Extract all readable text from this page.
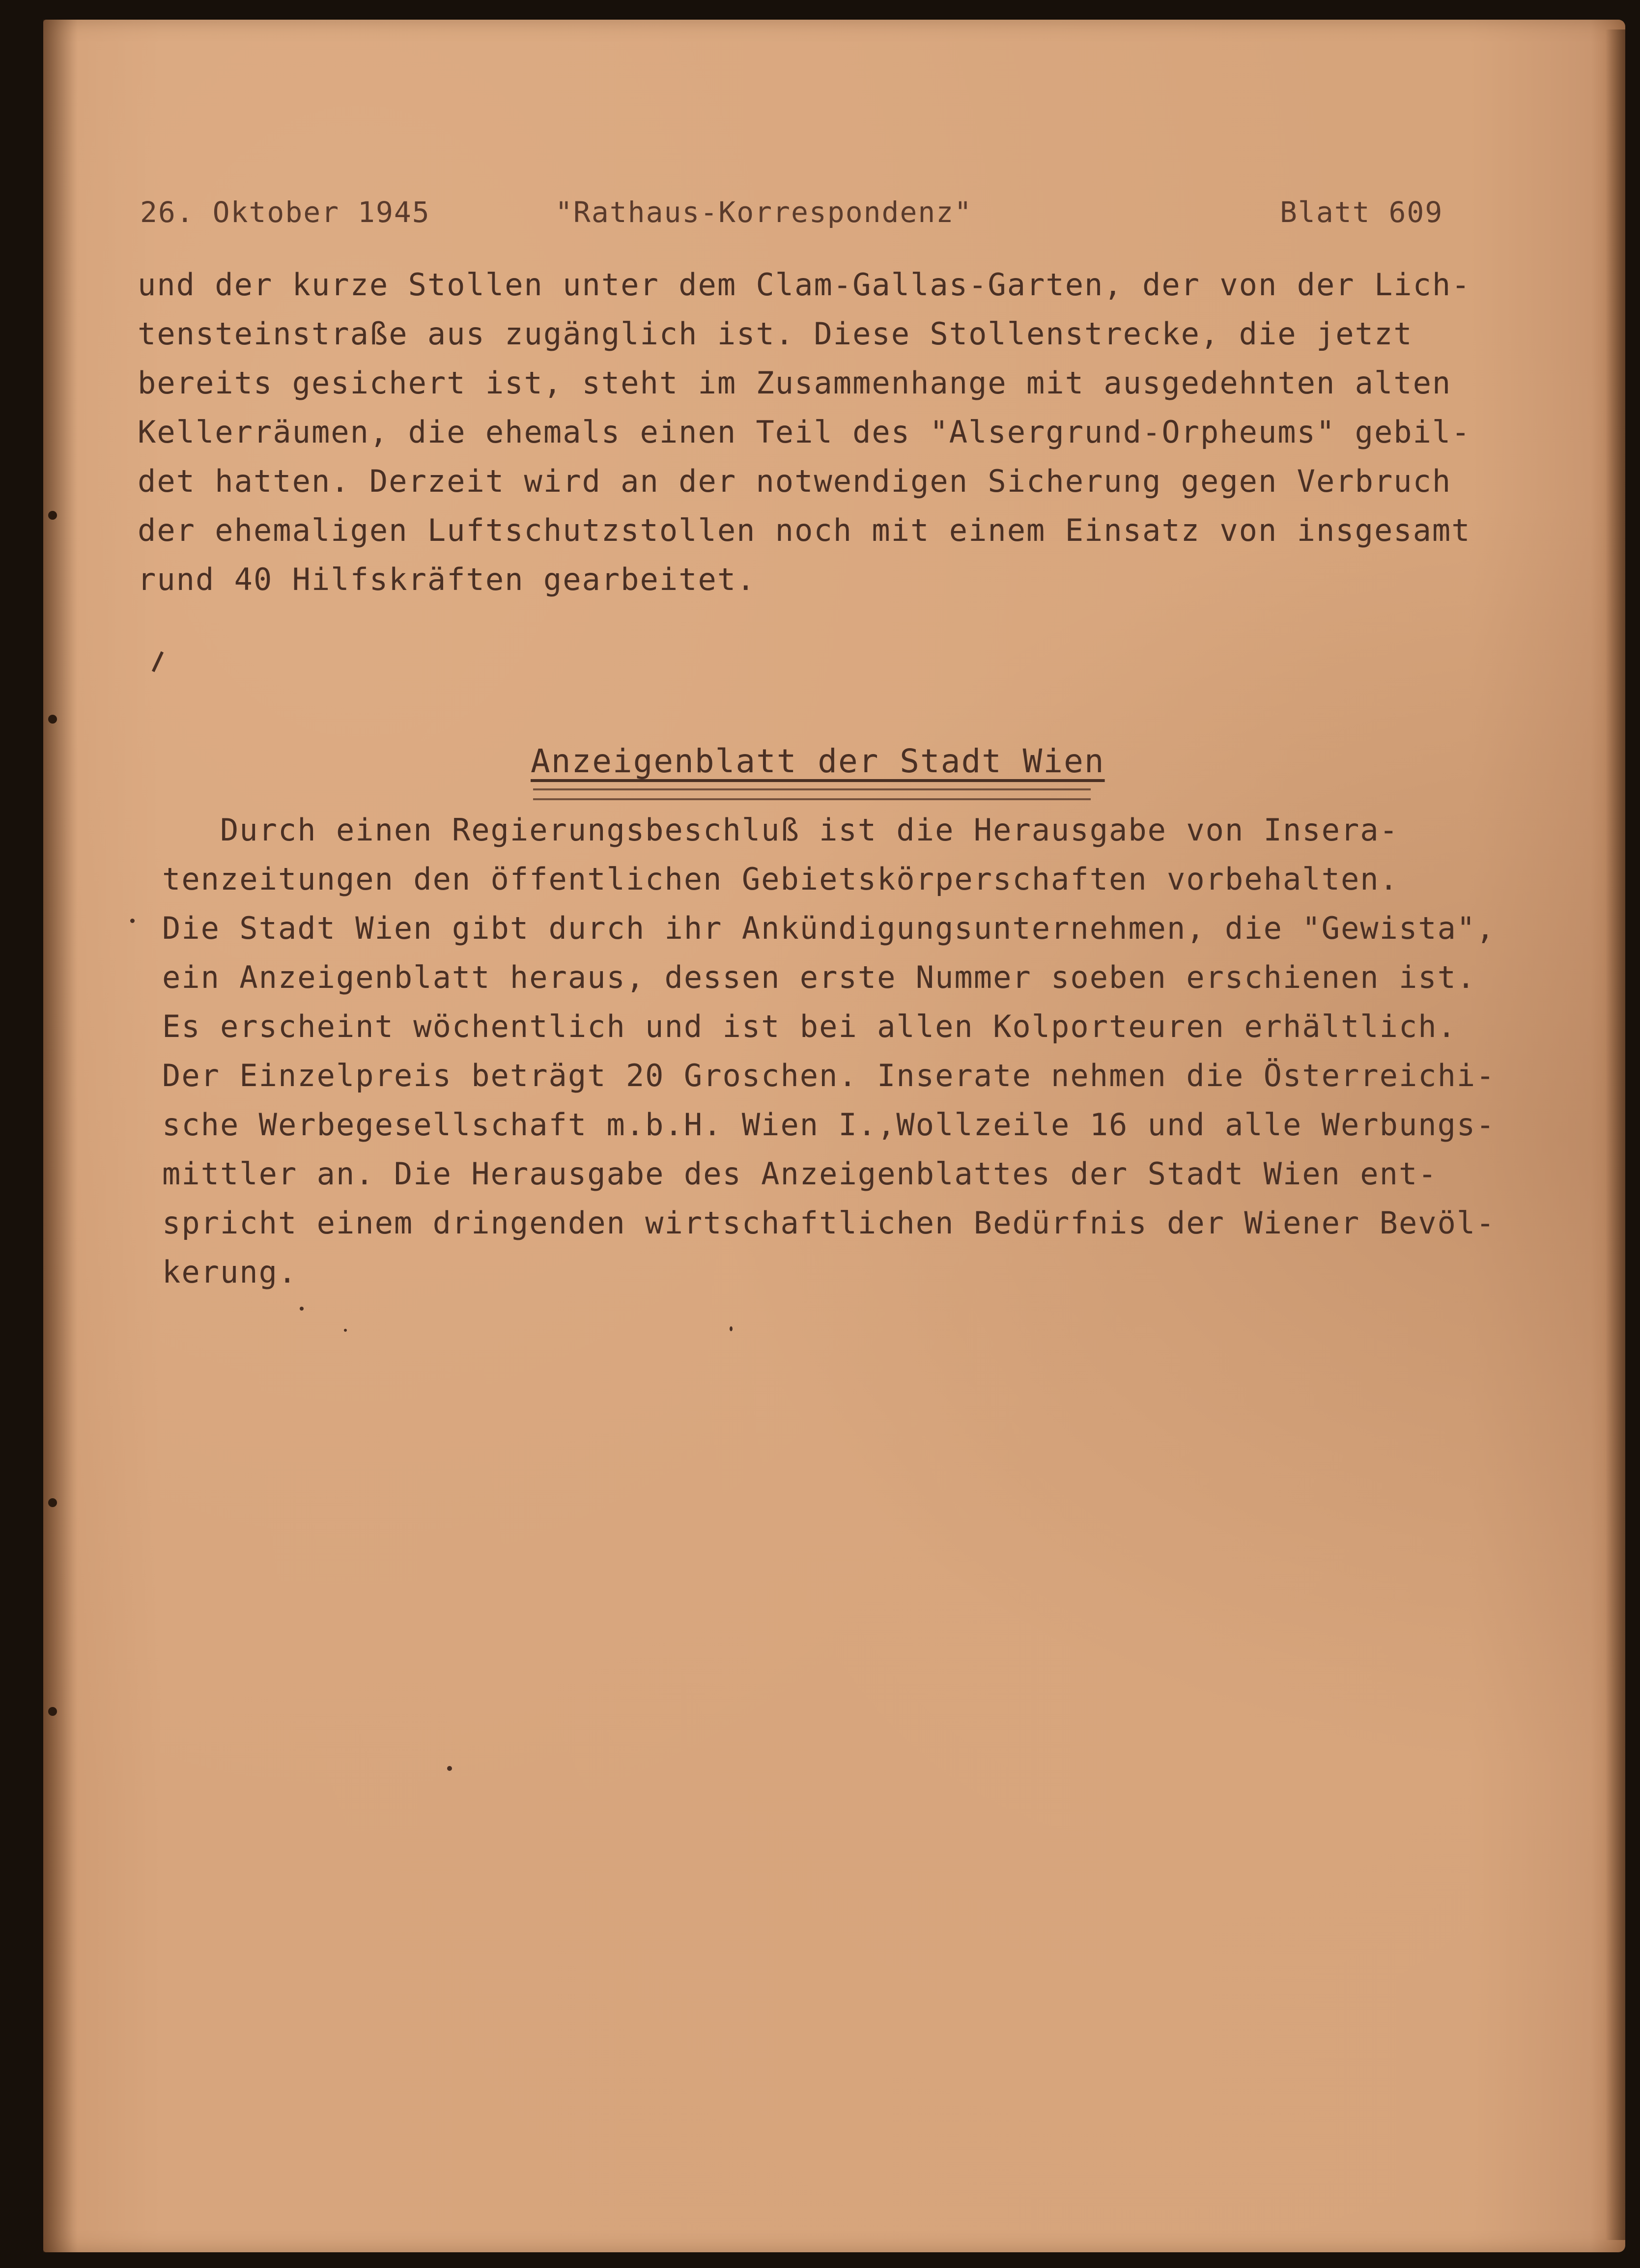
26. Oktober 1945	"Rathaus-Korrespondenz"	Blatt 609
und der kurze Stollen unter dem Clam-Gallas-Garten, der von der Lich-
tensteinstraße aus zugänglich ist. Diese Stollenstrecke, die jetzt
bereits gesichert ist, steht im Zusammenhange mit ausgedehnten alten
Kellerräumen, die ehemals einen Teil des "Alsergrund-Orpheums" gebil-
det hatten. Derzeit wird an der notwendigen Sicherung gegen Verbruch
der ehemaligen Luftschutzstollen noch mit einem Einsatz von insgesamt
rund 40 Hilfskräften gearbeitet.
Anzeigenblatt der Stadt Wien
Durch einen Regierungsbeschluß ist die Herausgabe von Insera-
tenzeitungen den öffentlichen Gebietskörperschaften vorbehalten.
Die Stadt Wien gibt durch ihr Ankündigungsunternehmen, die "Gewista",
ein Anzeigenblatt heraus, dessen erste Nummer soeben erschienen ist.
Es erscheint wöchentlich und ist bei allen Kolporteuren erhältlich.
Der Einzelpreis beträgt 20 Groschen. Inserate nehmen die Österreichi-
sche Werbegesellschaft m.b.H. Wien I.,Wollzeile 16 und alle Werbungs-
mittler an. Die Herausgabe des Anzeigenblattes der Stadt Wien ent-
spricht einem dringenden wirtschaftlichen Bedürfnis der Wiener Bevöl-
kerung.
